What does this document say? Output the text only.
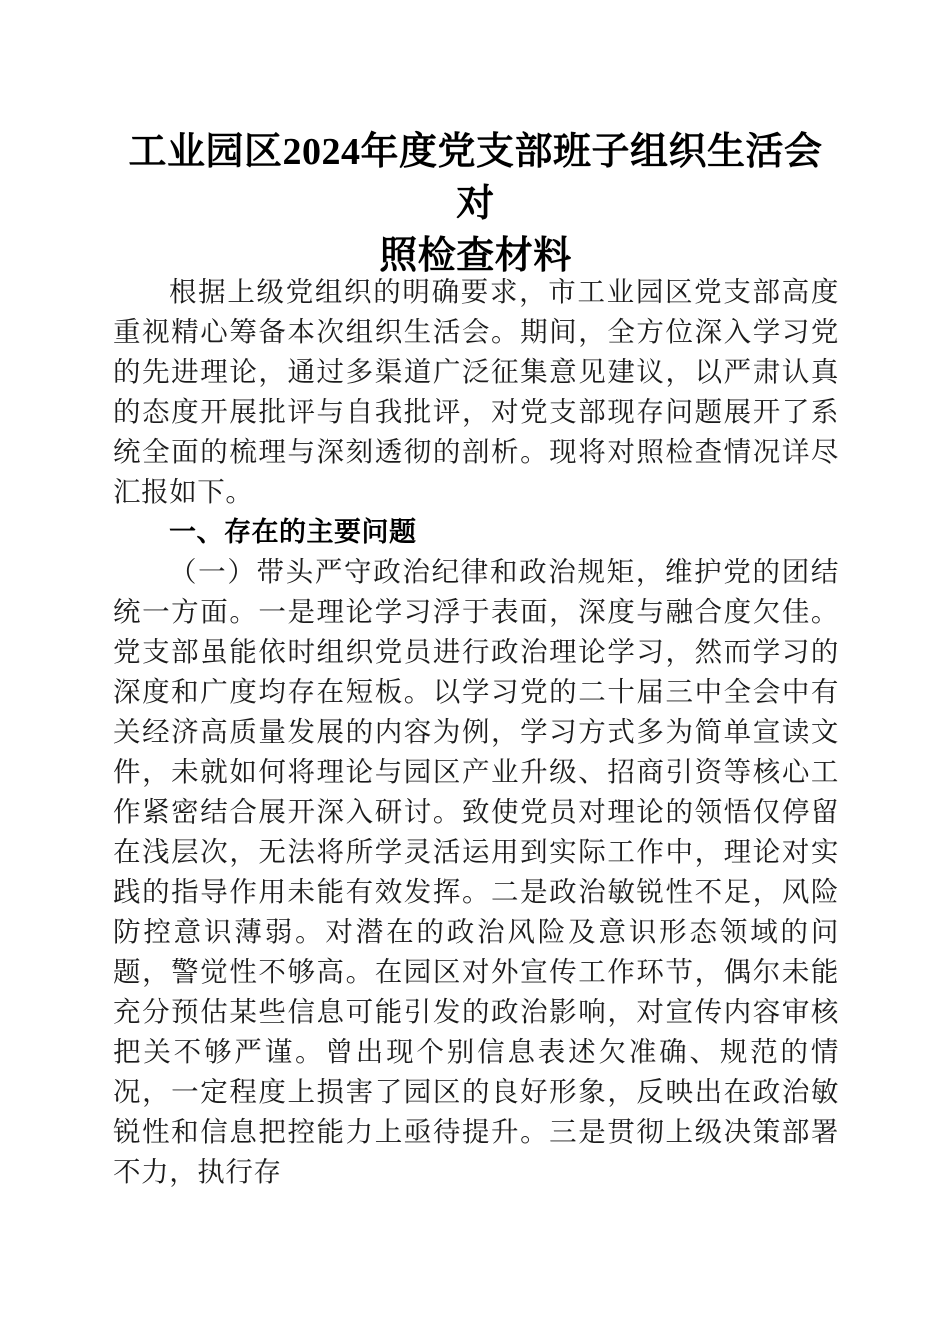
工业园区2024年度党支部班子组织生活会对
照检查材料

根据上级党组织的明确要求，市工业园区党支部高度重视精心筹备本次组织生活会。期间，全方位深入学习党的先进理论，通过多渠道广泛征集意见建议，以严肃认真的态度开展批评与自我批评，对党支部现存问题展开了系统全面的梳理与深刻透彻的剖析。现将对照检查情况详尽汇报如下。

一、存在的主要问题

（一）带头严守政治纪律和政治规矩，维护党的团结统一方面。一是理论学习浮于表面，深度与融合度欠佳。党支部虽能依时组织党员进行政治理论学习，然而学习的深度和广度均存在短板。以学习党的二十届三中全会中有关经济高质量发展的内容为例，学习方式多为简单宣读文件，未就如何将理论与园区产业升级、招商引资等核心工作紧密结合展开深入研讨。致使党员对理论的领悟仅停留在浅层次，无法将所学灵活运用到实际工作中，理论对实践的指导作用未能有效发挥。二是政治敏锐性不足，风险防控意识薄弱。对潜在的政治风险及意识形态领域的问题，警觉性不够高。在园区对外宣传工作环节，偶尔未能充分预估某些信息可能引发的政治影响，对宣传内容审核把关不够严谨。曾出现个别信息表述欠准确、规范的情况，一定程度上损害了园区的良好形象，反映出在政治敏锐性和信息把控能力上亟待提升。三是贯彻上级决策部署不力，执行存
